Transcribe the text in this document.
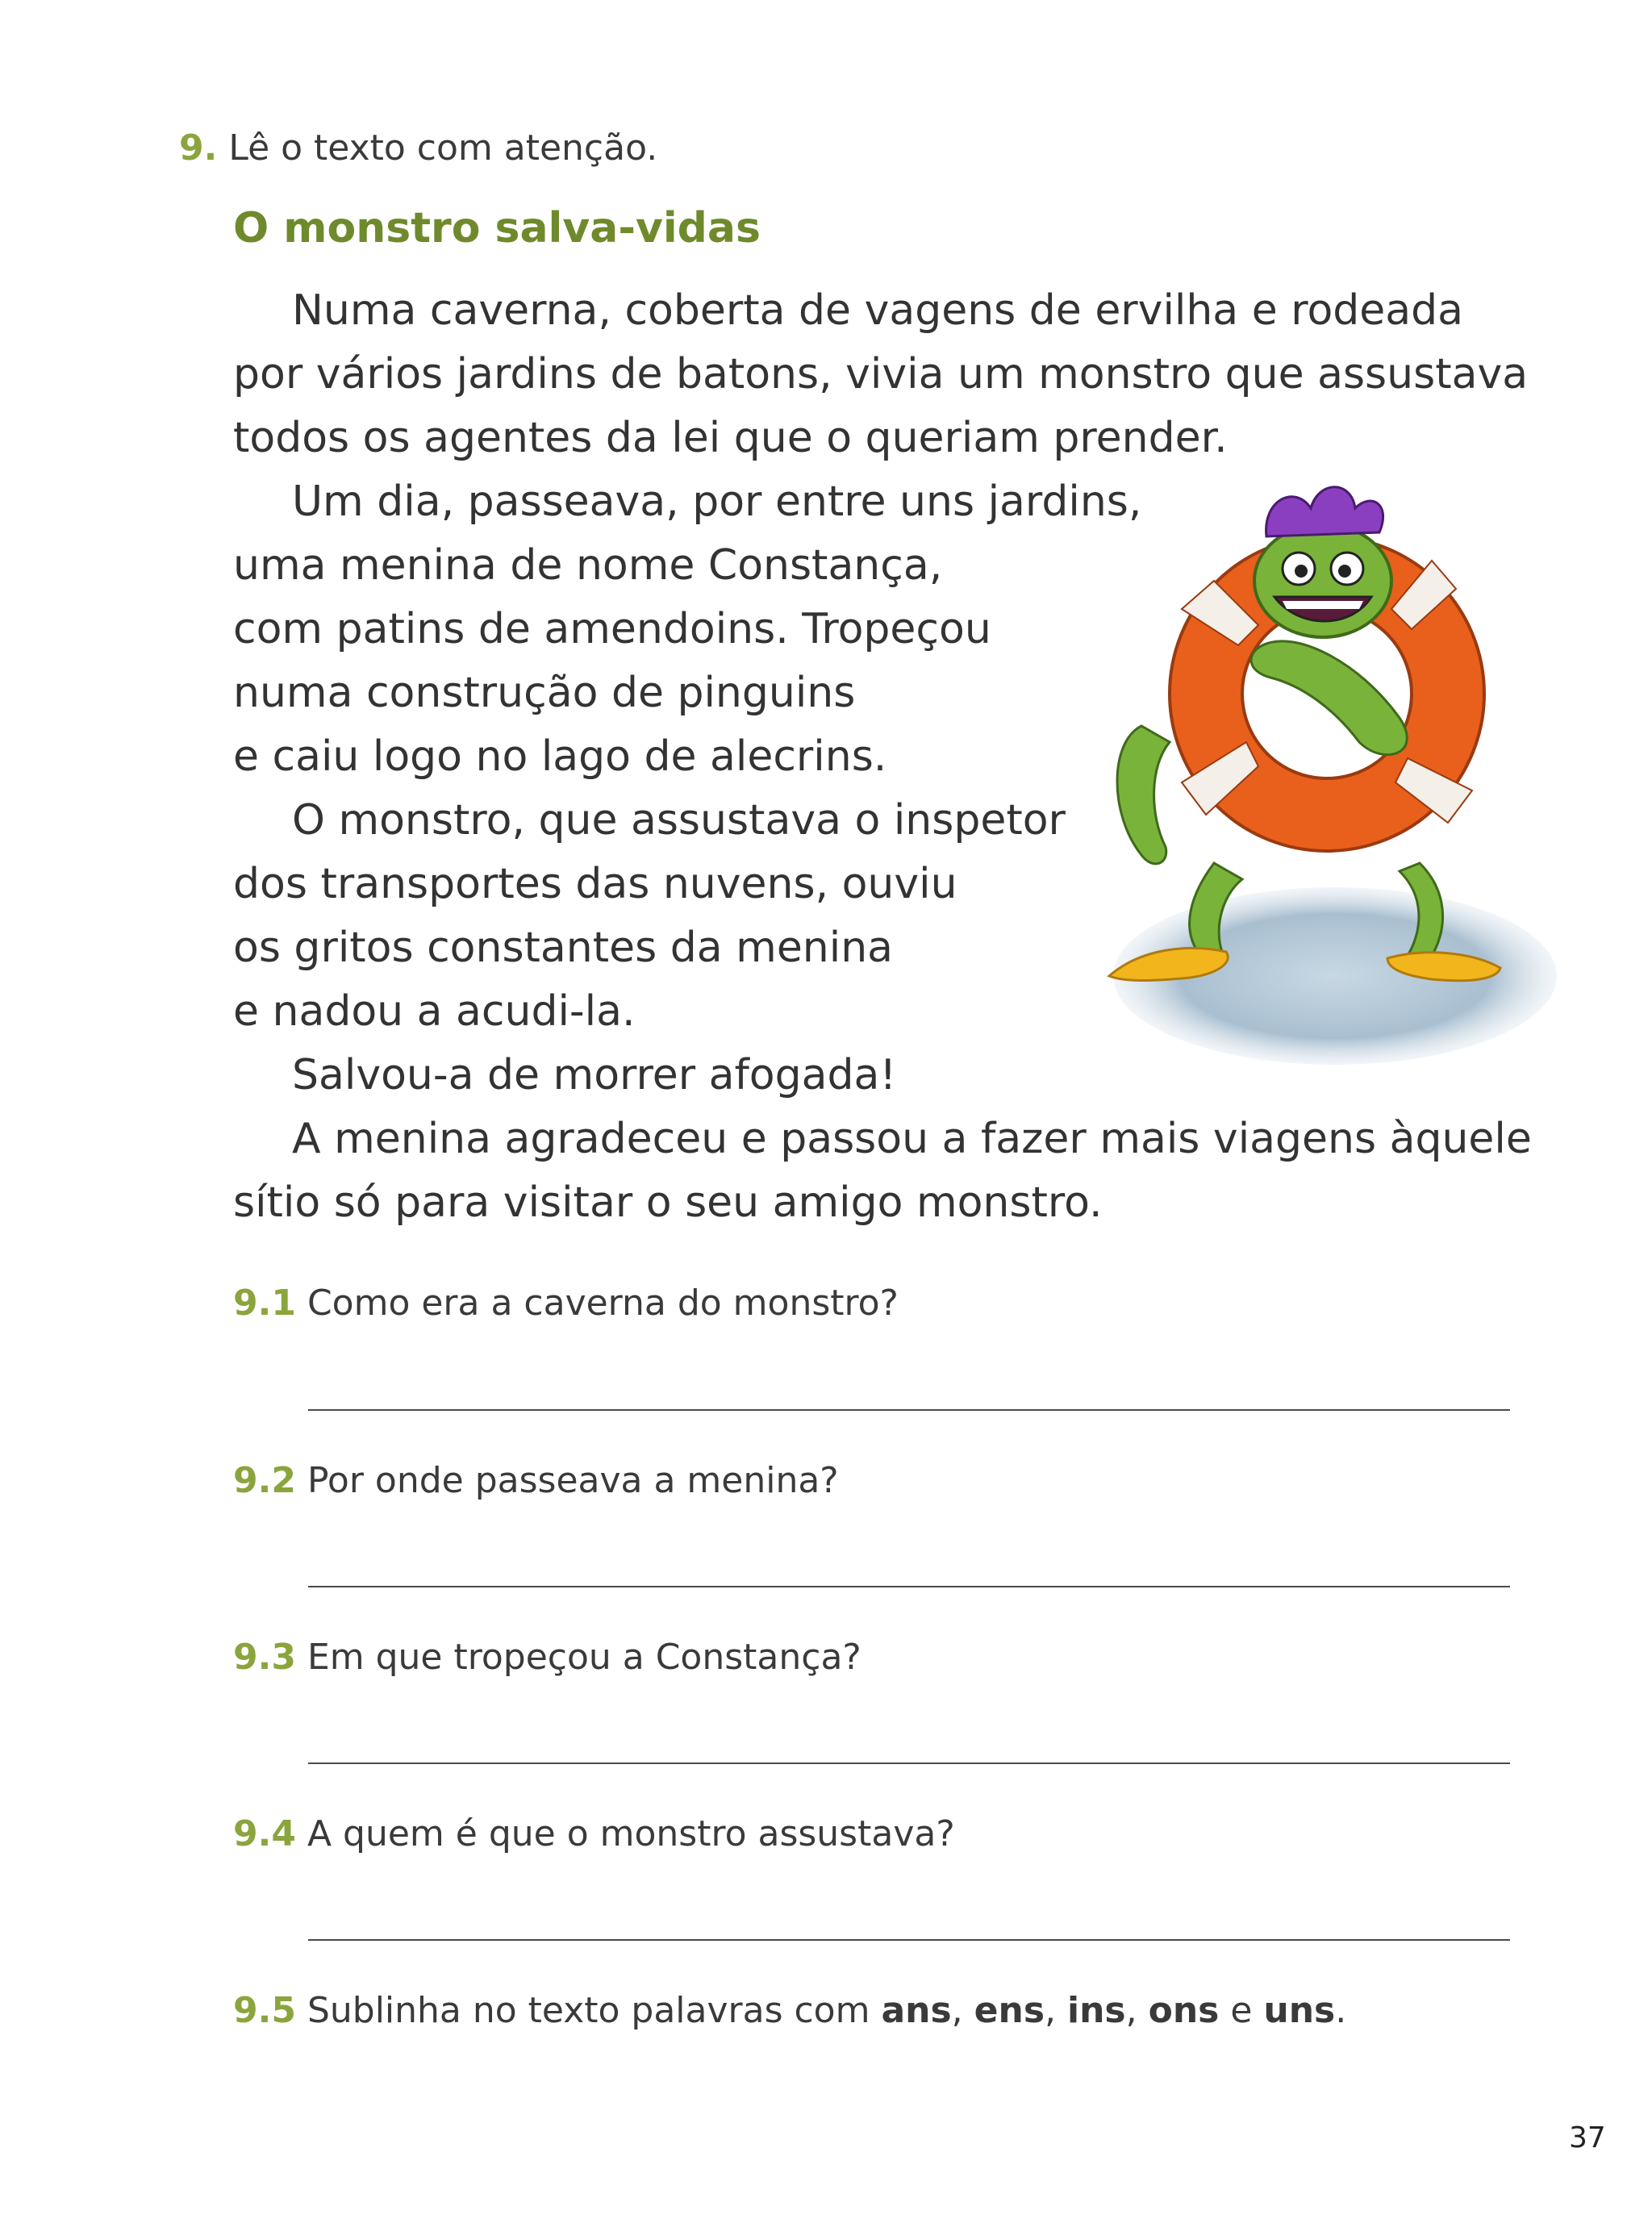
9. Lê o texto com atenção.
O monstro salva-vidas

Numa caverna, coberta de vagens de ervilha e rodeada

por vários jardins de batons, vivia um monstro que assustava

todos os agentes da lei que o queriam prender.

Um dia, passeava, por entre uns jardins,

uma menina de nome Constança,

com patins de amendoins. Tropeçou

numa construção de pinguins

e caiu logo no lago de alecrins.

O monstro, que assustava o inspetor

dos transportes das nuvens, ouviu

os gritos constantes da menina

e nadou a acudi-la.

Salvou-a de morrer afogada!

A menina agradeceu e passou a fazer mais viagens àquele

sítio só para visitar o seu amigo monstro.

9.1 Como era a caverna do monstro?
9.2 Por onde passeava a menina?
9.3 Em que tropeçou a Constança?
9.4 A quem é que o monstro assustava?
9.5 Sublinha no texto palavras com ans, ens, ins, ons e uns.
37
